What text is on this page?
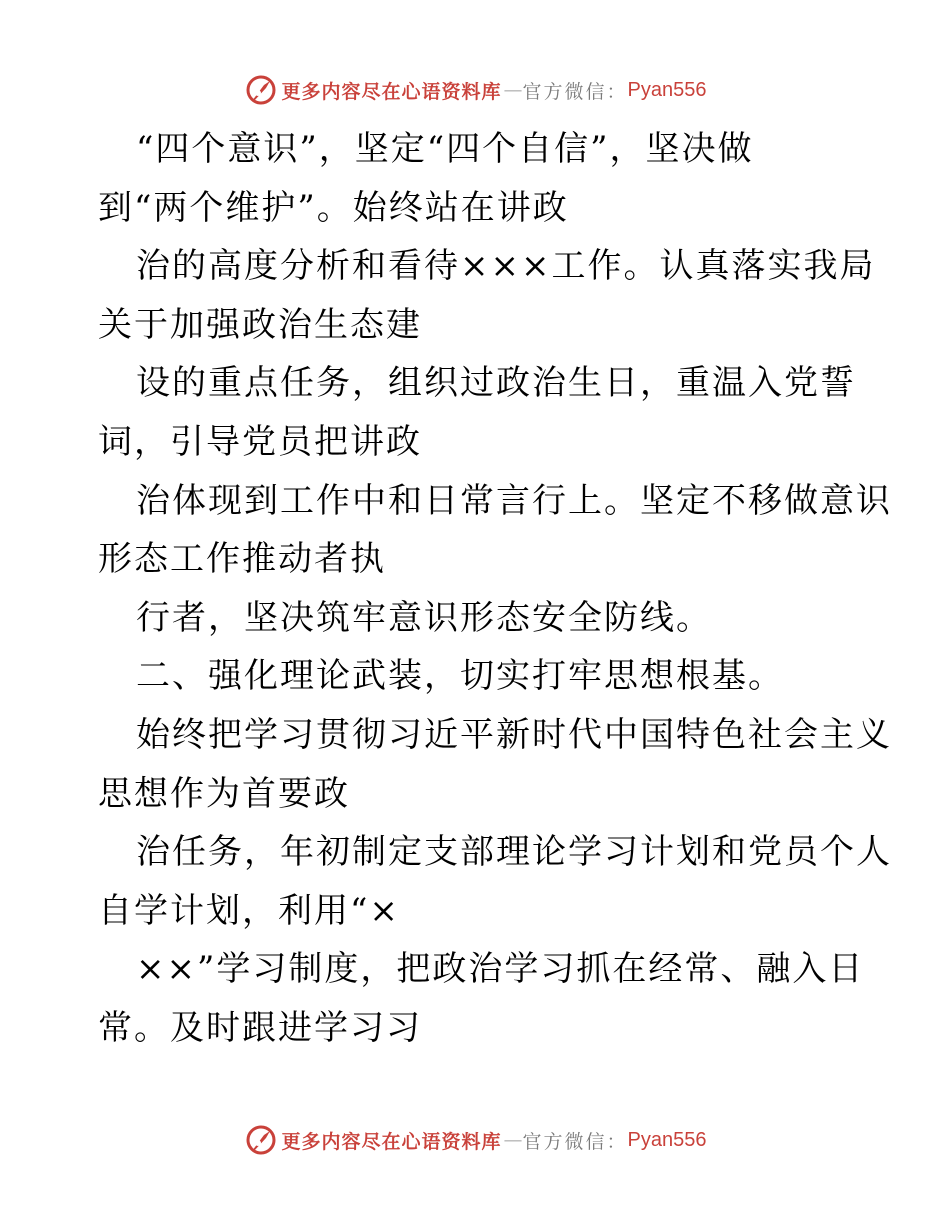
更多内容尽在心语资料库 — 官方微信： Pyan556
“四个意识”，坚定“四个自信”，坚决做
到“两个维护”。始终站在讲政
治的高度分析和看待×××工作。认真落实我局
关于加强政治生态建
设的重点任务，组织过政治生日，重温入党誓
词，引导党员把讲政
治体现到工作中和日常言行上。坚定不移做意识
形态工作推动者执
行者，坚决筑牢意识形态安全防线。
二、强化理论武装，切实打牢思想根基。
始终把学习贯彻习近平新时代中国特色社会主义
思想作为首要政
治任务，年初制定支部理论学习计划和党员个人
自学计划，利用“×
××”学习制度，把政治学习抓在经常、融入日
常。及时跟进学习习
更多内容尽在心语资料库 — 官方微信： Pyan556
